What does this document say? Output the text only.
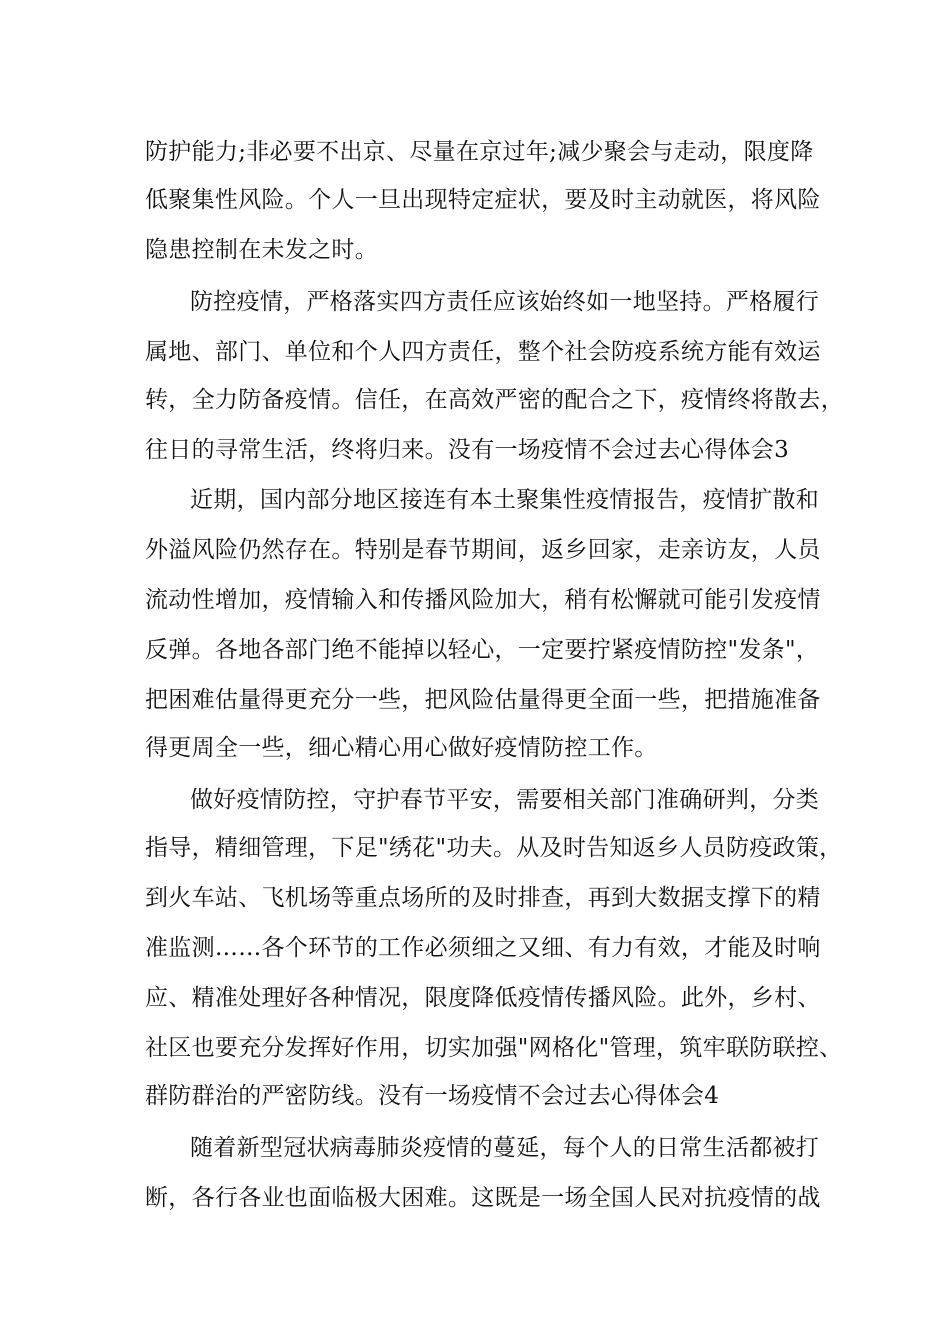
防护能力;非必要不出京、尽量在京过年;减少聚会与走动，限度降
低聚集性风险。个人一旦出现特定症状，要及时主动就医，将风险
隐患控制在未发之时。
防控疫情，严格落实四方责任应该始终如一地坚持。严格履行
属地、部门、单位和个人四方责任，整个社会防疫系统方能有效运
转，全力防备疫情。信任，在高效严密的配合之下，疫情终将散去，
往日的寻常生活，终将归来。没有一场疫情不会过去心得体会3
近期，国内部分地区接连有本土聚集性疫情报告，疫情扩散和
外溢风险仍然存在。特别是春节期间，返乡回家，走亲访友，人员
流动性增加，疫情输入和传播风险加大，稍有松懈就可能引发疫情
反弹。各地各部门绝不能掉以轻心，一定要拧紧疫情防控"发条"，
把困难估量得更充分一些，把风险估量得更全面一些，把措施准备
得更周全一些，细心精心用心做好疫情防控工作。
做好疫情防控，守护春节平安，需要相关部门准确研判，分类
指导，精细管理，下足"绣花"功夫。从及时告知返乡人员防疫政策，
到火车站、飞机场等重点场所的及时排查，再到大数据支撑下的精
准监测……各个环节的工作必须细之又细、有力有效，才能及时响
应、精准处理好各种情况，限度降低疫情传播风险。此外，乡村、
社区也要充分发挥好作用，切实加强"网格化"管理，筑牢联防联控、
群防群治的严密防线。没有一场疫情不会过去心得体会4
随着新型冠状病毒肺炎疫情的蔓延，每个人的日常生活都被打
断，各行各业也面临极大困难。这既是一场全国人民对抗疫情的战
